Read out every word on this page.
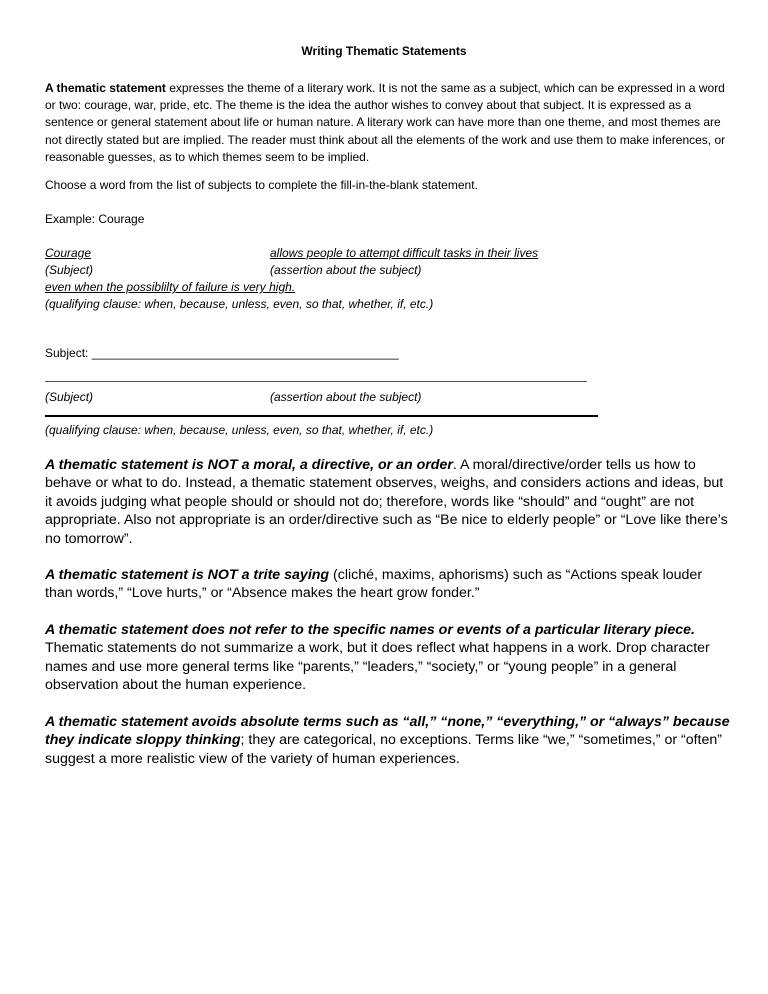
Writing Thematic Statements
A thematic statement expresses the theme of a literary work. It is not the same as a subject, which can be expressed in a word or two: courage, war, pride, etc. The theme is the idea the author wishes to convey about that subject. It is expressed as a sentence or general statement about life or human nature. A literary work can have more than one theme, and most themes are not directly stated but are implied. The reader must think about all the elements of the work and use them to make inferences, or reasonable guesses, as to which themes seem to be implied.
Choose a word from the list of subjects to complete the fill-in-the-blank statement.
Example: Courage
Courage	allows people to attempt difficult tasks in their lives
(Subject)	(assertion about the subject)
even when the possiblilty of failure is very high.
(qualifying clause: when, because, unless, even, so that, whether, if, etc.)
Subject: ______________________________________________
(Subject)	(assertion about the subject)
(qualifying clause: when, because, unless, even, so that, whether, if, etc.)
A thematic statement is NOT a moral, a directive, or an order. A moral/directive/order tells us how to behave or what to do. Instead, a thematic statement observes, weighs, and considers actions and ideas, but it avoids judging what people should or should not do; therefore, words like “should” and “ought” are not appropriate. Also not appropriate is an order/directive such as “Be nice to elderly people” or “Love like there’s no tomorrow”.
A thematic statement is NOT a trite saying (cliché, maxims, aphorisms) such as “Actions speak louder than words,” “Love hurts,” or “Absence makes the heart grow fonder.”
A thematic statement does not refer to the specific names or events of a particular literary piece. Thematic statements do not summarize a work, but it does reflect what happens in a work. Drop character names and use more general terms like “parents,” “leaders,” “society,” or “young people” in a general observation about the human experience.
A thematic statement avoids absolute terms such as “all,” “none,” “everything,” or “always” because they indicate sloppy thinking; they are categorical, no exceptions. Terms like “we,” “sometimes,” or “often” suggest a more realistic view of the variety of human experiences.
